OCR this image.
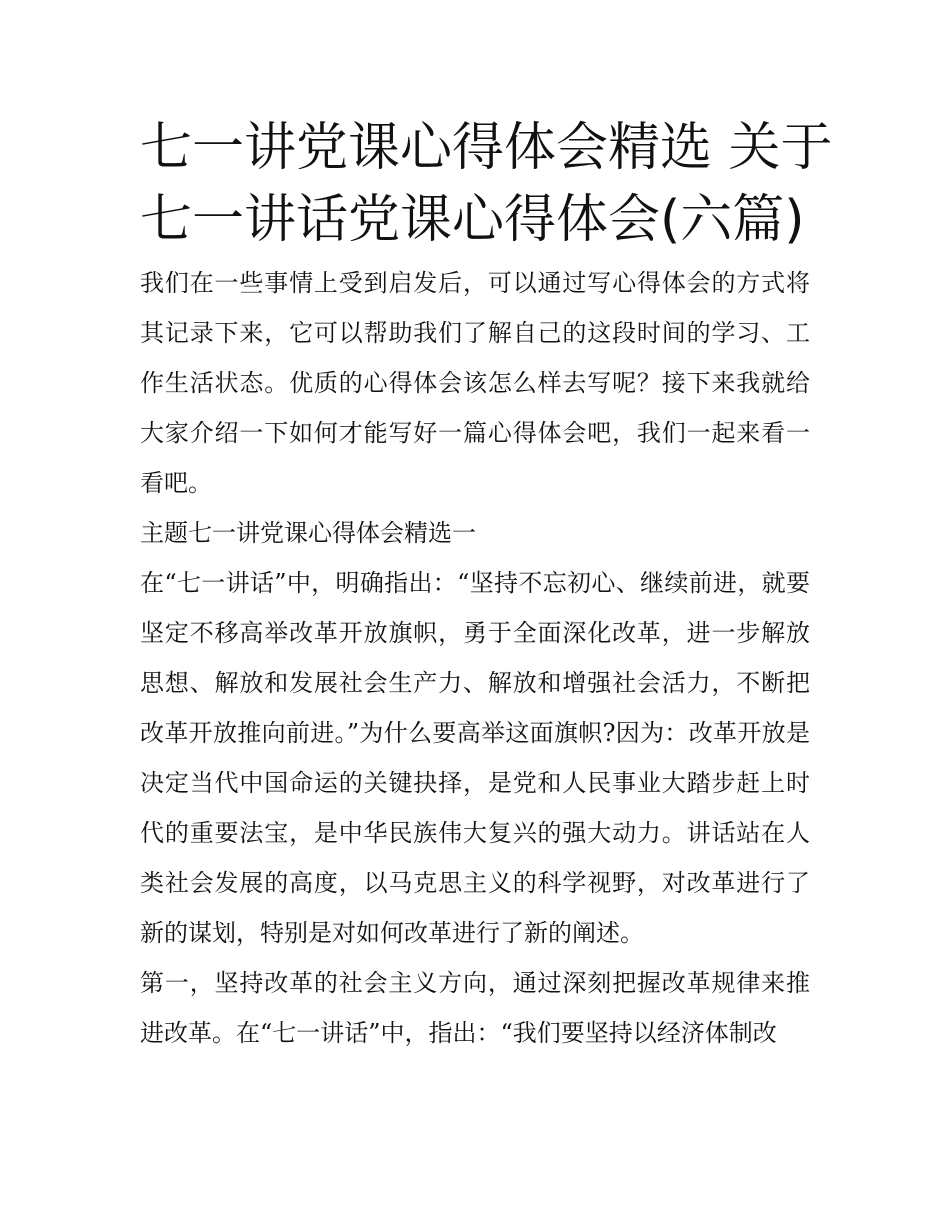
七一讲党课心得体会精选 关于
七一讲话党课心得体会(六篇)

我们在一些事情上受到启发后，可以通过写心得体会的方式将其记录下来，它可以帮助我们了解自己的这段时间的学习、工作生活状态。优质的心得体会该怎么样去写呢？接下来我就给大家介绍一下如何才能写好一篇心得体会吧，我们一起来看一看吧。

主题七一讲党课心得体会精选一

在“七一讲话”中，明确指出：“坚持不忘初心、继续前进，就要坚定不移高举改革开放旗帜，勇于全面深化改革，进一步解放思想、解放和发展社会生产力、解放和增强社会活力，不断把改革开放推向前进。”为什么要高举这面旗帜?因为：改革开放是决定当代中国命运的关键抉择，是党和人民事业大踏步赶上时代的重要法宝，是中华民族伟大复兴的强大动力。讲话站在人类社会发展的高度，以马克思主义的科学视野，对改革进行了新的谋划，特别是对如何改革进行了新的阐述。

第一，坚持改革的社会主义方向，通过深刻把握改革规律来推进改革。在“七一讲话”中，指出：“我们要坚持以经济体制改
